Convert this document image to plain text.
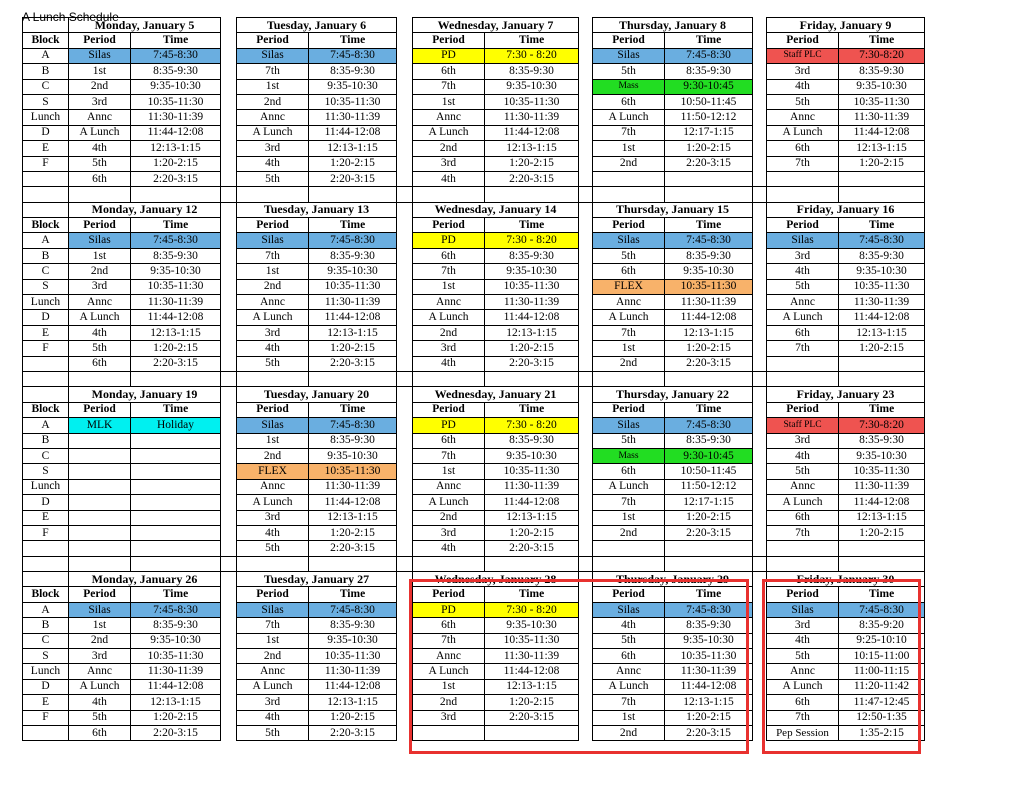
A Lunch Schedule
	Monday, January 5			Tuesday, January 6			Wednesday, January 7			Thursday, January 8			Friday, January 9	
Block	Period	Time		Period	Time		Period	Time		Period	Time		Period	Time
A	Silas	7:45-8:30		Silas	7:45-8:30		PD	7:30 - 8:20		Silas	7:45-8:30		Staff PLC	7:30-8:20
B	1st	8:35-9:30		7th	8:35-9:30		6th	8:35-9:30		5th	8:35-9:30		3rd	8:35-9:30
C	2nd	9:35-10:30		1st	9:35-10:30		7th	9:35-10:30		Mass	9:30-10:45		4th	9:35-10:30
S	3rd	10:35-11:30		2nd	10:35-11:30		1st	10:35-11:30		6th	10:50-11:45		5th	10:35-11:30
Lunch	Annc	11:30-11:39		Annc	11:30-11:39		Annc	11:30-11:39		A Lunch	11:50-12:12		Annc	11:30-11:39
D	A Lunch	11:44-12:08		A Lunch	11:44-12:08		A Lunch	11:44-12:08		7th	12:17-1:15		A Lunch	11:44-12:08
E	4th	12:13-1:15		3rd	12:13-1:15		2nd	12:13-1:15		1st	1:20-2:15		6th	12:13-1:15
F	5th	1:20-2:15		4th	1:20-2:15		3rd	1:20-2:15		2nd	2:20-3:15		7th	1:20-2:15
	6th	2:20-3:15		5th	2:20-3:15		4th	2:20-3:15						

	Monday, January 12			Tuesday, January 13			Wednesday, January 14			Thursday, January 15			Friday, January 16	
Block	Period	Time		Period	Time		Period	Time		Period	Time		Period	Time
A	Silas	7:45-8:30		Silas	7:45-8:30		PD	7:30 - 8:20		Silas	7:45-8:30		Silas	7:45-8:30
B	1st	8:35-9:30		7th	8:35-9:30		6th	8:35-9:30		5th	8:35-9:30		3rd	8:35-9:30
C	2nd	9:35-10:30		1st	9:35-10:30		7th	9:35-10:30		6th	9:35-10:30		4th	9:35-10:30
S	3rd	10:35-11:30		2nd	10:35-11:30		1st	10:35-11:30		FLEX	10:35-11:30		5th	10:35-11:30
Lunch	Annc	11:30-11:39		Annc	11:30-11:39		Annc	11:30-11:39		Annc	11:30-11:39		Annc	11:30-11:39
D	A Lunch	11:44-12:08		A Lunch	11:44-12:08		A Lunch	11:44-12:08		A Lunch	11:44-12:08		A Lunch	11:44-12:08
E	4th	12:13-1:15		3rd	12:13-1:15		2nd	12:13-1:15		7th	12:13-1:15		6th	12:13-1:15
F	5th	1:20-2:15		4th	1:20-2:15		3rd	1:20-2:15		1st	1:20-2:15		7th	1:20-2:15
	6th	2:20-3:15		5th	2:20-3:15		4th	2:20-3:15		2nd	2:20-3:15			

	Monday, January 19			Tuesday, January 20			Wednesday, January 21			Thursday, January 22			Friday, January 23	
Block	Period	Time		Period	Time		Period	Time		Period	Time		Period	Time
A	MLK	Holiday		Silas	7:45-8:30		PD	7:30 - 8:20		Silas	7:45-8:30		Staff PLC	7:30-8:20
B				1st	8:35-9:30		6th	8:35-9:30		5th	8:35-9:30		3rd	8:35-9:30
C				2nd	9:35-10:30		7th	9:35-10:30		Mass	9:30-10:45		4th	9:35-10:30
S				FLEX	10:35-11:30		1st	10:35-11:30		6th	10:50-11:45		5th	10:35-11:30
Lunch				Annc	11:30-11:39		Annc	11:30-11:39		A Lunch	11:50-12:12		Annc	11:30-11:39
D				A Lunch	11:44-12:08		A Lunch	11:44-12:08		7th	12:17-1:15		A Lunch	11:44-12:08
E				3rd	12:13-1:15		2nd	12:13-1:15		1st	1:20-2:15		6th	12:13-1:15
F				4th	1:20-2:15		3rd	1:20-2:15		2nd	2:20-3:15		7th	1:20-2:15
				5th	2:20-3:15		4th	2:20-3:15						

	Monday, January 26			Tuesday, January 27			Wednesday, January 28			Thursday, January 29			Friday, January 30	
Block	Period	Time		Period	Time		Period	Time		Period	Time		Period	Time
A	Silas	7:45-8:30		Silas	7:45-8:30		PD	7:30 - 8:20		Silas	7:45-8:30		Silas	7:45-8:30
B	1st	8:35-9:30		7th	8:35-9:30		6th	9:35-10:30		4th	8:35-9:30		3rd	8:35-9:20
C	2nd	9:35-10:30		1st	9:35-10:30		7th	10:35-11:30		5th	9:35-10:30		4th	9:25-10:10
S	3rd	10:35-11:30		2nd	10:35-11:30		Annc	11:30-11:39		6th	10:35-11:30		5th	10:15-11:00
Lunch	Annc	11:30-11:39		Annc	11:30-11:39		A Lunch	11:44-12:08		Annc	11:30-11:39		Annc	11:00-11:15
D	A Lunch	11:44-12:08		A Lunch	11:44-12:08		1st	12:13-1:15		A Lunch	11:44-12:08		A Lunch	11:20-11:42
E	4th	12:13-1:15		3rd	12:13-1:15		2nd	1:20-2:15		7th	12:13-1:15		6th	11:47-12:45
F	5th	1:20-2:15		4th	1:20-2:15		3rd	2:20-3:15		1st	1:20-2:15		7th	12:50-1:35
	6th	2:20-3:15		5th	2:20-3:15					2nd	2:20-3:15		Pep Session	1:35-2:15
